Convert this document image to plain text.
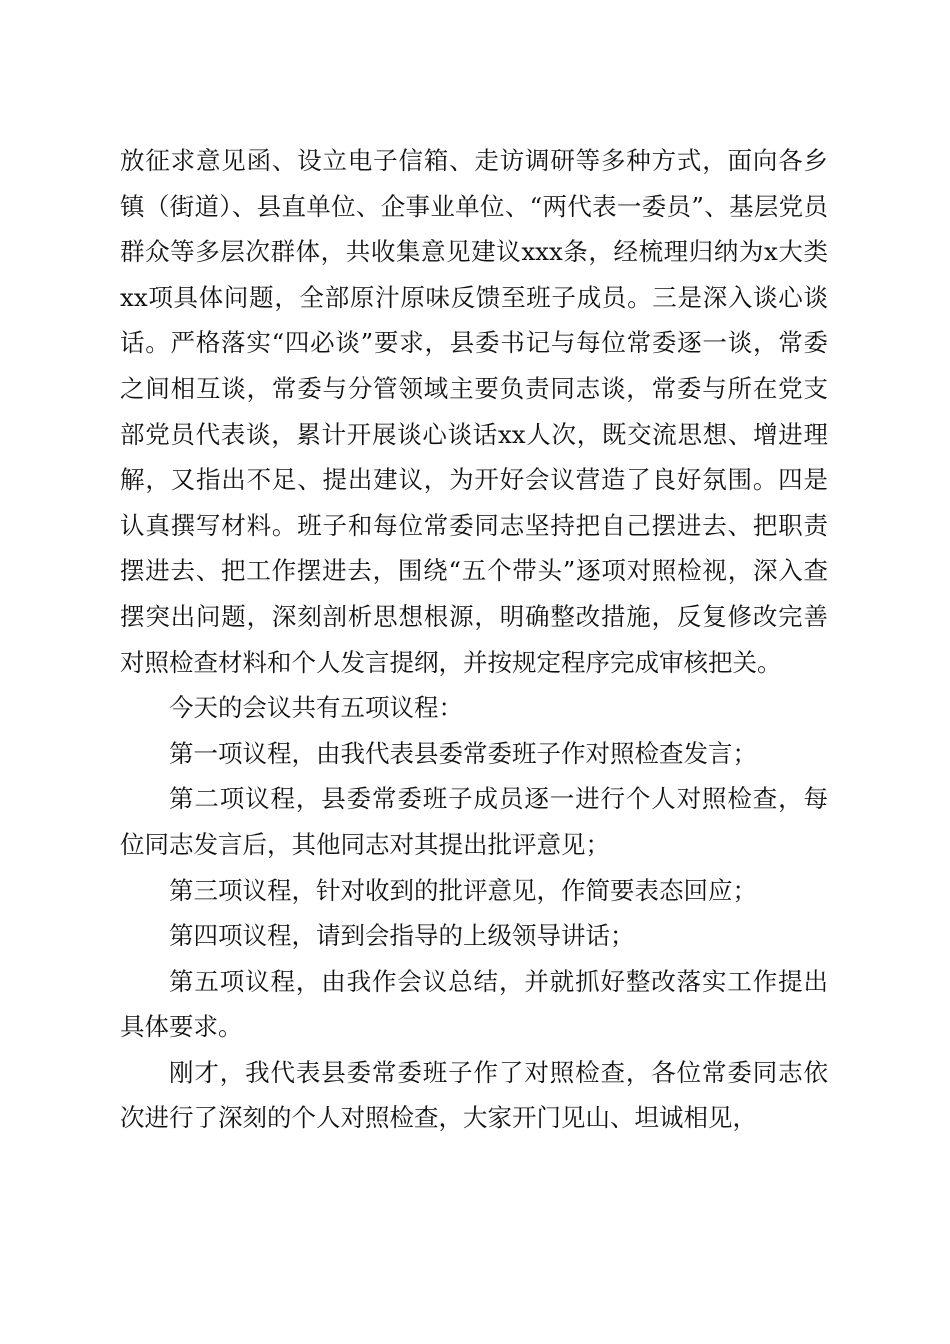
放征求意见函、设立电子信箱、走访调研等多种方式，面向各乡镇（街道）、县直单位、企事业单位、“两代表一委员”、基层党员群众等多层次群体，共收集意见建议xxx条，经梳理归纳为x大类xx项具体问题，全部原汁原味反馈至班子成员。三是深入谈心谈话。严格落实“四必谈”要求，县委书记与每位常委逐一谈，常委之间相互谈，常委与分管领域主要负责同志谈，常委与所在党支部党员代表谈，累计开展谈心谈话xx人次，既交流思想、增进理解，又指出不足、提出建议，为开好会议营造了良好氛围。四是认真撰写材料。班子和每位常委同志坚持把自己摆进去、把职责摆进去、把工作摆进去，围绕“五个带头”逐项对照检视，深入查摆突出问题，深刻剖析思想根源，明确整改措施，反复修改完善对照检查材料和个人发言提纲，并按规定程序完成审核把关。

今天的会议共有五项议程：

第一项议程，由我代表县委常委班子作对照检查发言；

第二项议程，县委常委班子成员逐一进行个人对照检查，每位同志发言后，其他同志对其提出批评意见；

第三项议程，针对收到的批评意见，作简要表态回应；

第四项议程，请到会指导的上级领导讲话；

第五项议程，由我作会议总结，并就抓好整改落实工作提出具体要求。

刚才，我代表县委常委班子作了对照检查，各位常委同志依次进行了深刻的个人对照检查，大家开门见山、坦诚相见，
